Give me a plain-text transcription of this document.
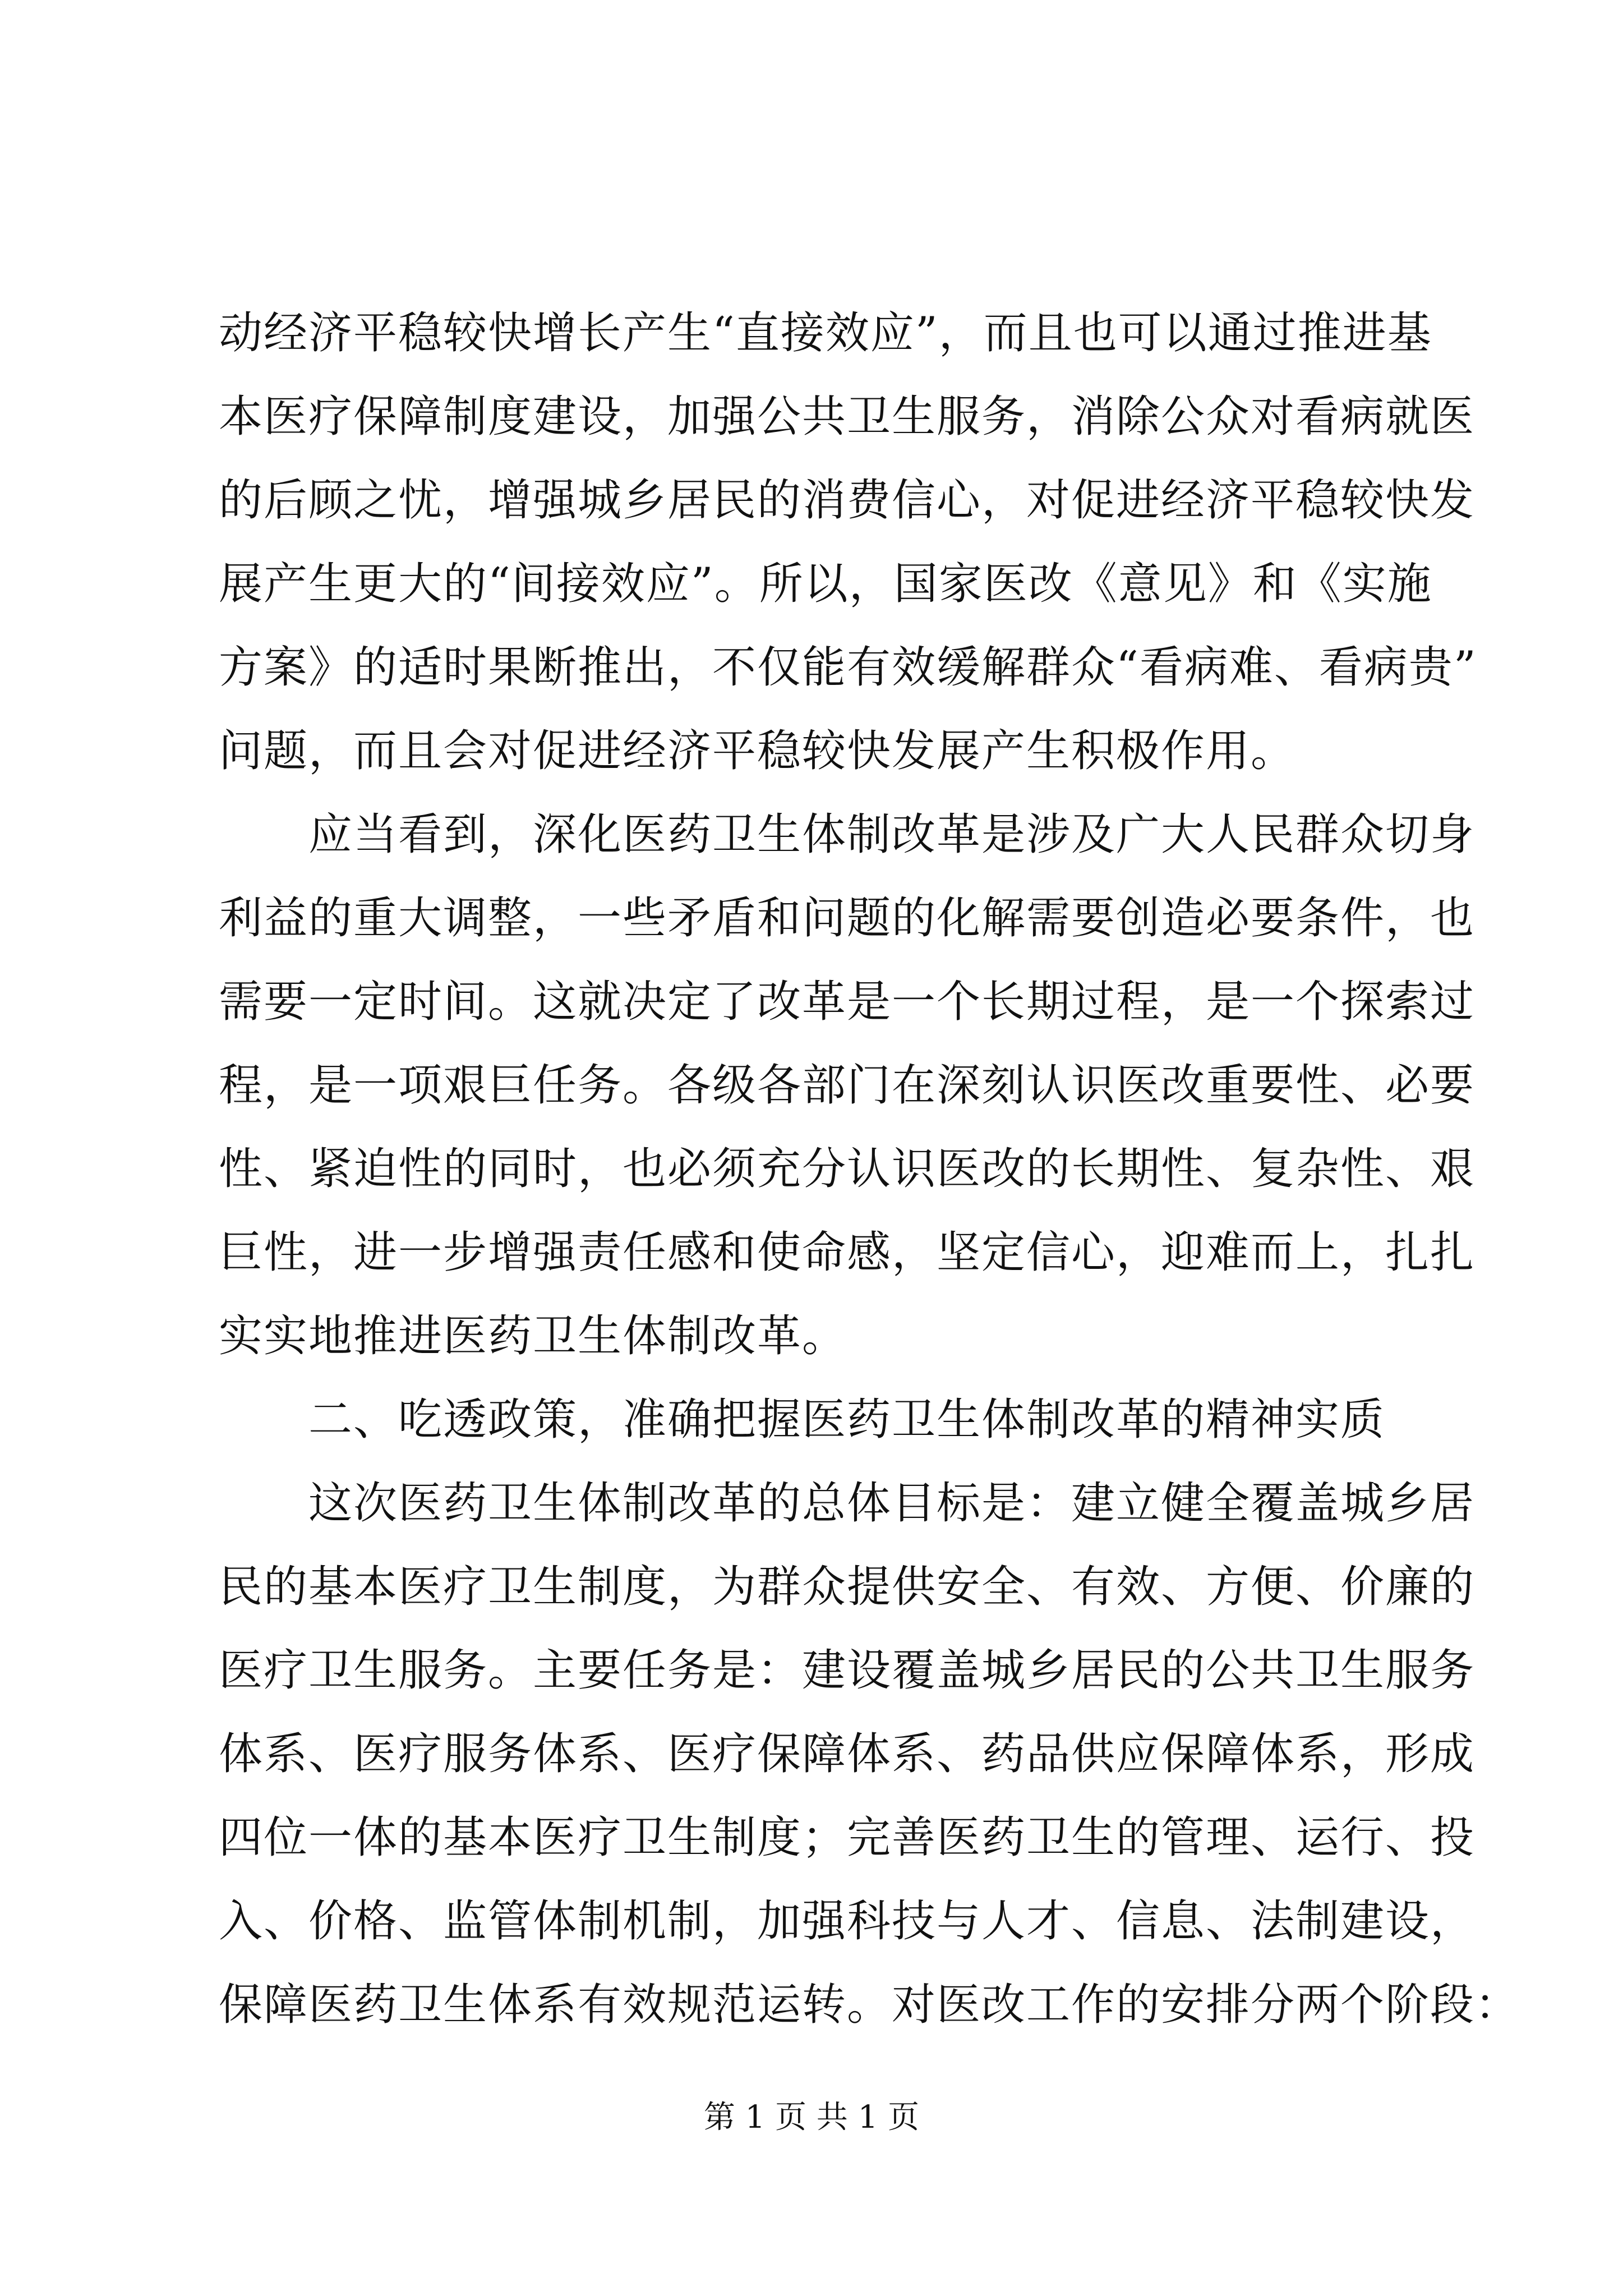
动经济平稳较快增长产生“直接效应”，而且也可以通过推进基
本医疗保障制度建设，加强公共卫生服务，消除公众对看病就医
的后顾之忧，增强城乡居民的消费信心，对促进经济平稳较快发
展产生更大的“间接效应”。所以，国家医改《意见》和《实施
方案》的适时果断推出，不仅能有效缓解群众“看病难、看病贵”
问题，而且会对促进经济平稳较快发展产生积极作用。
应当看到，深化医药卫生体制改革是涉及广大人民群众切身
利益的重大调整，一些矛盾和问题的化解需要创造必要条件，也
需要一定时间。这就决定了改革是一个长期过程，是一个探索过
程，是一项艰巨任务。各级各部门在深刻认识医改重要性、必要
性、紧迫性的同时，也必须充分认识医改的长期性、复杂性、艰
巨性，进一步增强责任感和使命感，坚定信心，迎难而上，扎扎
实实地推进医药卫生体制改革。
二、吃透政策，准确把握医药卫生体制改革的精神实质
这次医药卫生体制改革的总体目标是：建立健全覆盖城乡居
民的基本医疗卫生制度，为群众提供安全、有效、方便、价廉的
医疗卫生服务。主要任务是：建设覆盖城乡居民的公共卫生服务
体系、医疗服务体系、医疗保障体系、药品供应保障体系，形成
四位一体的基本医疗卫生制度；完善医药卫生的管理、运行、投
入、价格、监管体制机制，加强科技与人才、信息、法制建设，
保障医药卫生体系有效规范运转。对医改工作的安排分两个阶段：
第 1 页 共 1 页
